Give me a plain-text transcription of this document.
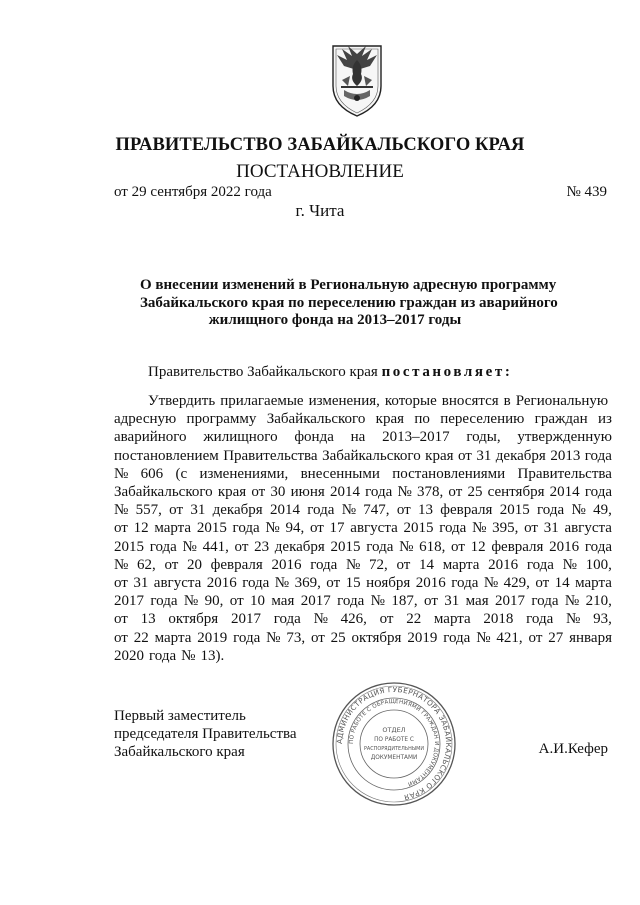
ПРАВИТЕЛЬСТВО ЗАБАЙКАЛЬСКОГО КРАЯ
ПОСТАНОВЛЕНИЕ
от 29 сентября 2022 года	№ 439
г. Чита
О внесении изменений в Региональную адресную программу
Забайкальского края по переселению граждан из аварийного
жилищного фонда на 2013–2017 годы
Правительство Забайкальского края постановляет:
Утвердить прилагаемые изменения, которые вносятся в Региональную
адресную программу Забайкальского края по переселению граждан из
аварийного жилищного фонда на 2013–2017 годы, утвержденную
постановлением Правительства Забайкальского края от 31 декабря 2013 года
№ 606 (с изменениями, внесенными постановлениями Правительства
Забайкальского края от 30 июня 2014 года № 378, от 25 сентября 2014 года
№ 557, от 31 декабря 2014 года № 747, от 13 февраля 2015 года № 49,
от 12 марта 2015 года № 94, от 17 августа 2015 года № 395, от 31 августа
2015 года № 441, от 23 декабря 2015 года № 618, от 12 февраля 2016 года
№ 62, от 20 февраля 2016 года № 72, от 14 марта 2016 года № 100,
от 31 августа 2016 года № 369, от 15 ноября 2016 года № 429, от 14 марта
2017 года № 90, от 10 мая 2017 года № 187, от 31 мая 2017 года № 210,
от 13 октября 2017 года № 426, от 22 марта 2018 года № 93,
от 22 марта 2019 года № 73, от 25 октября 2019 года № 421, от 27 января
2020 года № 13).
Первый заместитель
председателя Правительства
Забайкальского края
АДМИНИСТРАЦИЯ ГУБЕРНАТОРА ЗАБАЙКАЛЬСКОГО КРАЯ
ПО РАБОТЕ С ОБРАЩЕНИЯМИ ГРАЖДАН И ДОКУМЕНТАМИ
ОТДЕЛ
ПО РАБОТЕ С
РАСПОРЯДИТЕЛЬНЫМИ
ДОКУМЕНТАМИ
А.И.Кефер
